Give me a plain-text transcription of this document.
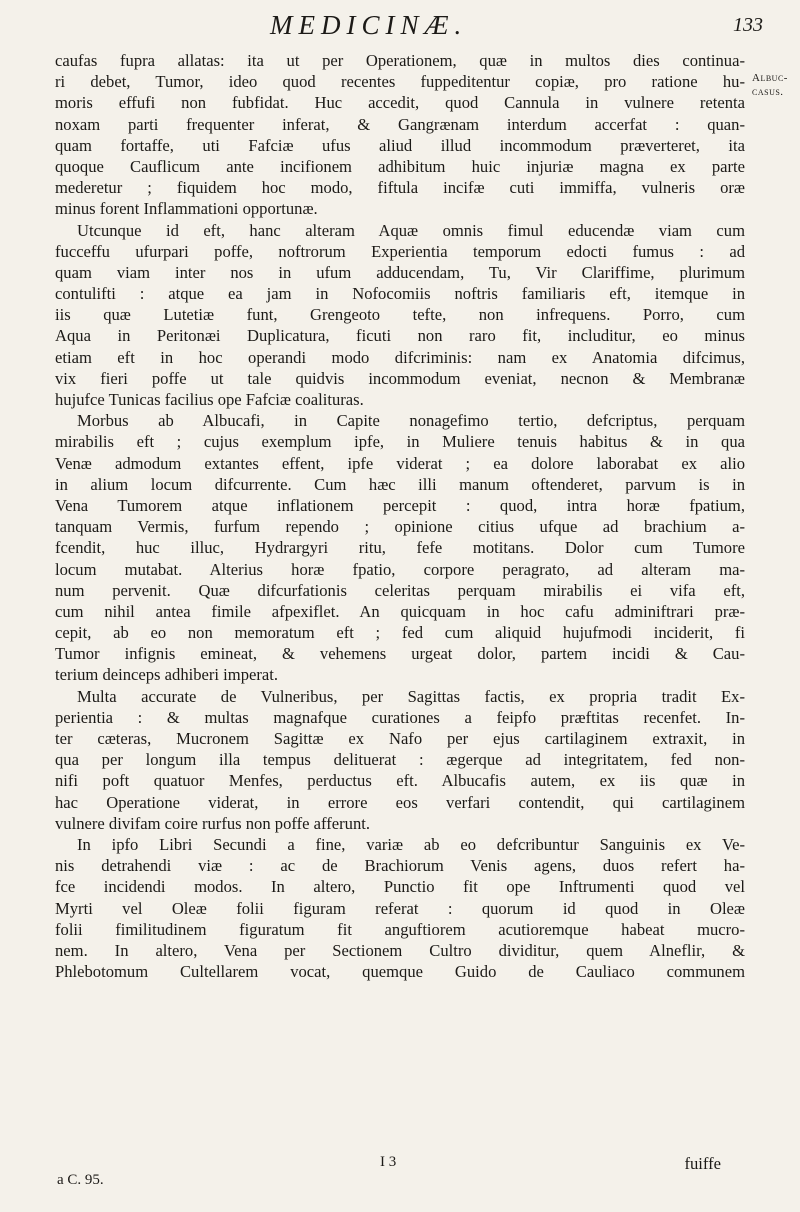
MEDICINÆ.	133
Albuc-
casus.
caufas fupra allatas: ita ut per Operationem, quæ in multos dies continua-
ri debet, Tumor, ideo quod recentes fuppeditentur copiæ, pro ratione hu-
moris effufi non fubfidat. Huc accedit, quod Cannula in vulnere retenta
noxam parti frequenter inferat, & Gangrænam interdum accerfat : quan-
quam fortaffe, uti Fafciæ ufus aliud illud incommodum præverteret, ita
quoque Cauflicum ante incifionem adhibitum huic injuriæ magna ex parte
mederetur ; fiquidem hoc modo, fiftula incifæ cuti immiffa, vulneris oræ
minus forent Inflammationi opportunæ.
Utcunque id eft, hanc alteram Aquæ omnis fimul educendæ viam cum
fucceffu ufurpari poffe, noftrorum Experientia temporum edocti fumus : ad
quam viam inter nos in ufum adducendam, Tu, Vir Clariffime, plurimum
contulifti : atque ea jam in Nofocomiis noftris familiaris eft, itemque in
iis quæ Lutetiæ funt, Grengeoto tefte, non infrequens. Porro, cum
Aqua in Peritonæi Duplicatura, ficuti non raro fit, includitur, eo minus
etiam eft in hoc operandi modo difcriminis: nam ex Anatomia difcimus,
vix fieri poffe ut tale quidvis incommodum eveniat, necnon & Membranæ
hujufce Tunicas facilius ope Fafciæ coalituras.
Morbus ab Albucafi, in Capite nonagefimo tertio, defcriptus, perquam
mirabilis eft ; cujus exemplum ipfe, in Muliere tenuis habitus & in qua
Venæ admodum extantes effent, ipfe viderat ; ea dolore laborabat ex alio
in alium locum difcurrente. Cum hæc illi manum oftenderet, parvum is in
Vena Tumorem atque inflationem percepit : quod, intra horæ fpatium,
tanquam Vermis, furfum rependo ; opinione citius ufque ad brachium a-
fcendit, huc illuc, Hydrargyri ritu, fefe motitans. Dolor cum Tumore
locum mutabat. Alterius horæ fpatio, corpore peragrato, ad alteram ma-
num pervenit. Quæ difcurfationis celeritas perquam mirabilis ei vifa eft,
cum nihil antea fimile afpexiflet. An quicquam in hoc cafu adminiftrari præ-
cepit, ab eo non memoratum eft ; fed cum aliquid hujufmodi inciderit, fi
Tumor infignis emineat, & vehemens urgeat dolor, partem incidi & Cau-
terium deinceps adhiberi imperat.
Multa accurate de Vulneribus, per Sagittas factis, ex propria tradit Ex-
perientia : & multas magnafque curationes a feipfo præftitas recenfet. In-
ter cæteras, Mucronem Sagittæ ex Nafo per ejus cartilaginem extraxit, in
qua per longum illa tempus delituerat : ægerque ad integritatem, fed non-
nifi poft quatuor Menfes, perductus eft. Albucafis autem, ex iis quæ in
hac Operatione viderat, in errore eos verfari contendit, qui cartilaginem
vulnere divifam coire rurfus non poffe afferunt.
In ipfo Libri Secundi a fine, variæ ab eo defcribuntur Sanguinis ex Ve-
nis detrahendi viæ : ac de Brachiorum Venis agens, duos refert ha-
fce incidendi modos. In altero, Punctio fit ope Inftrumenti quod vel
Myrti vel Oleæ folii figuram referat : quorum id quod in Oleæ
folii fimilitudinem figuratum fit anguftiorem acutioremque habeat mucro-
nem. In altero, Vena per Sectionem Cultro dividitur, quem Alneflir, &
Phlebotomum Cultellarem vocat, quemque Guido de Cauliaco communem
I 3	fuiffe
a C. 95.
